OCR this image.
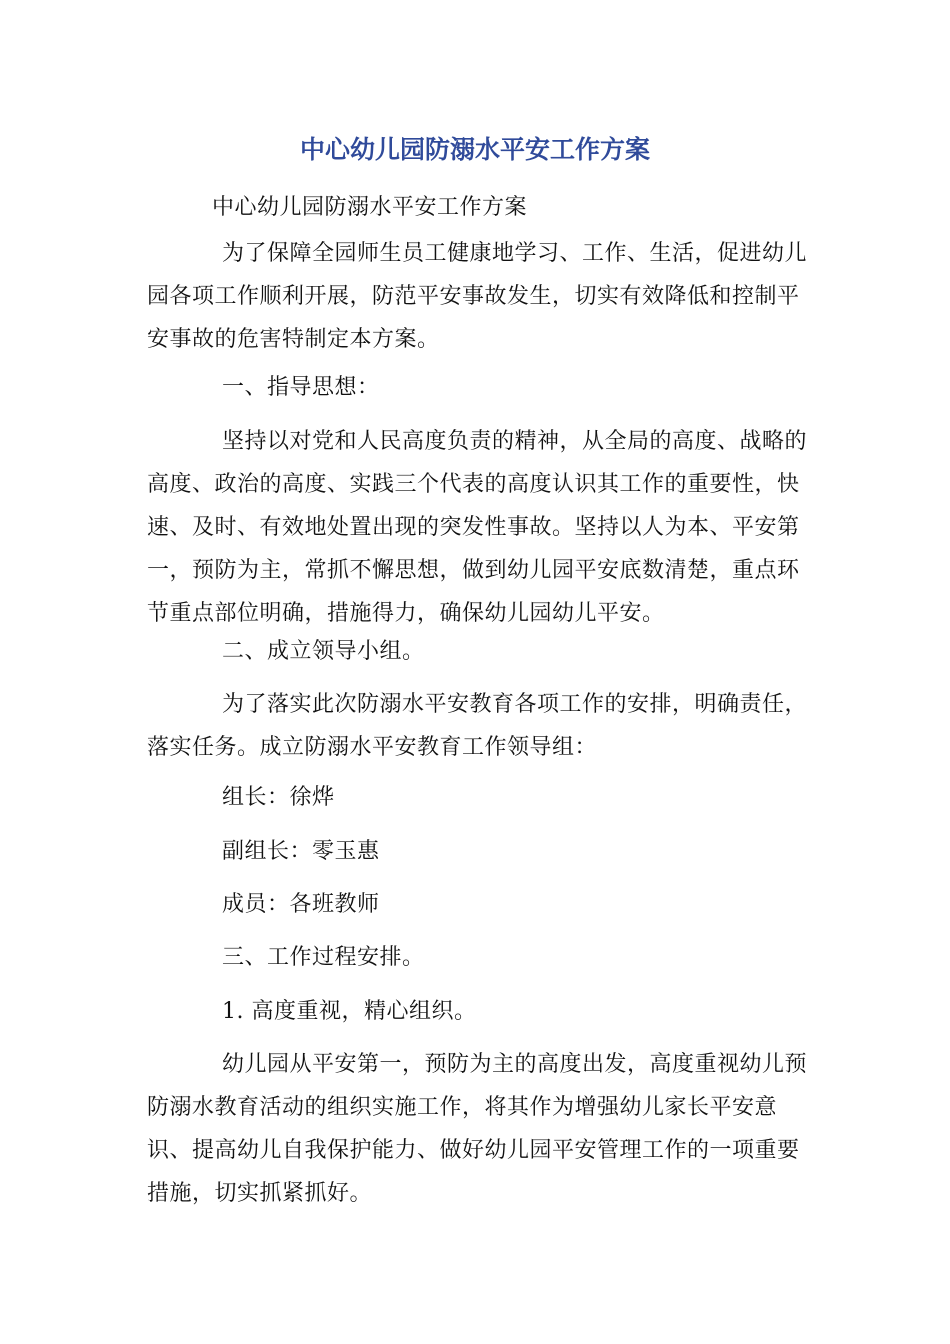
中心幼儿园防溺水平安工作方案

中心幼儿园防溺水平安工作方案

为了保障全园师生员工健康地学习、工作、生活，促进幼儿园各项工作顺利开展，防范平安事故发生，切实有效降低和控制平安事故的危害特制定本方案。

一、指导思想：

坚持以对党和人民高度负责的精神，从全局的高度、战略的高度、政治的高度、实践三个代表的高度认识其工作的重要性，快速、及时、有效地处置出现的突发性事故。坚持以人为本、平安第一，预防为主，常抓不懈思想，做到幼儿园平安底数清楚，重点环节重点部位明确，措施得力，确保幼儿园幼儿平安。

二、成立领导小组。

为了落实此次防溺水平安教育各项工作的安排，明确责任，落实任务。成立防溺水平安教育工作领导组：

组长：徐烨

副组长：零玉惠

成员：各班教师

三、工作过程安排。

1. 高度重视，精心组织。

幼儿园从平安第一，预防为主的高度出发，高度重视幼儿预防溺水教育活动的组织实施工作，将其作为增强幼儿家长平安意识、提高幼儿自我保护能力、做好幼儿园平安管理工作的一项重要措施，切实抓紧抓好。
